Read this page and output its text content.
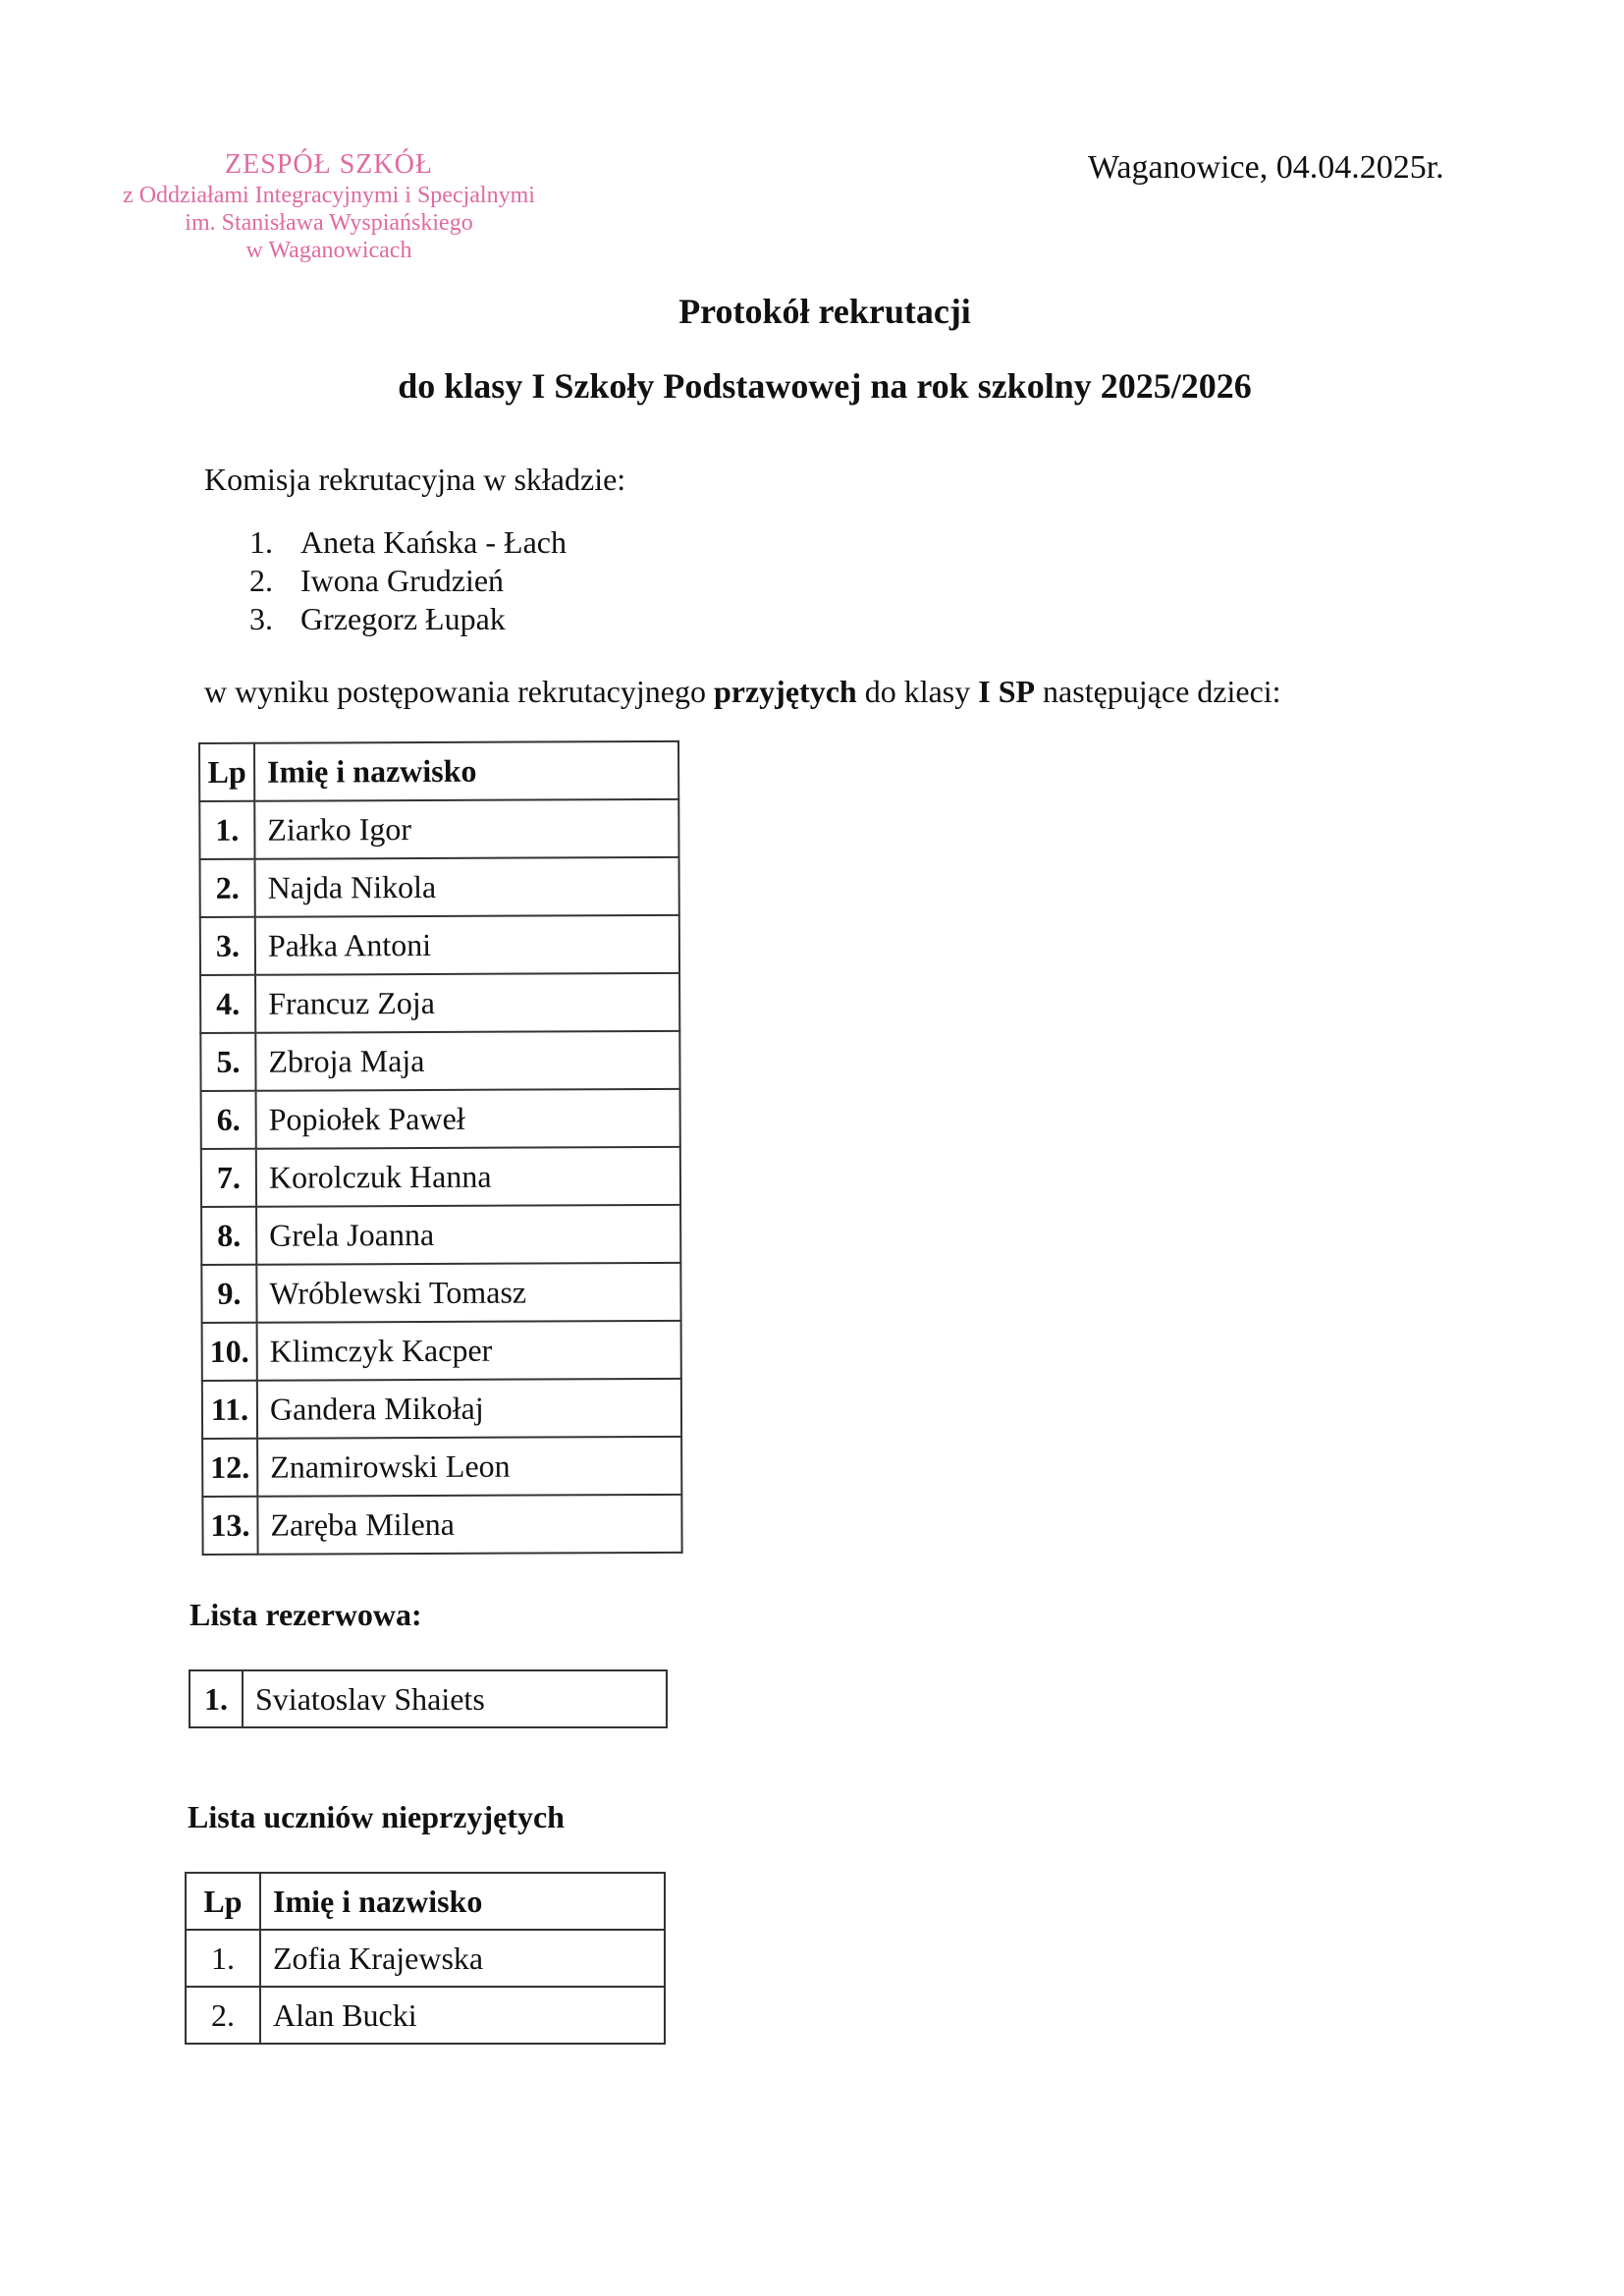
ZESPÓŁ SZKÓŁ
z Oddziałami Integracyjnymi i Specjalnymi
im. Stanisława Wyspiańskiego
w Waganowicach
Waganowice, 04.04.2025r.
Protokół rekrutacji
do klasy I Szkoły Podstawowej na rok szkolny 2025/2026
Komisja rekrutacyjna w składzie:
1. Aneta Kańska - Łach
2. Iwona Grudzień
3. Grzegorz Łupak
w wyniku postępowania rekrutacyjnego przyjętych do klasy I SP następujące dzieci:
Lp	Imię i nazwisko
1.	Ziarko Igor
2.	Najda Nikola
3.	Pałka Antoni
4.	Francuz Zoja
5.	Zbroja Maja
6.	Popiołek Paweł
7.	Korolczuk Hanna
8.	Grela Joanna
9.	Wróblewski Tomasz
10.	Klimczyk Kacper
11.	Gandera Mikołaj
12.	Znamirowski Leon
13.	Zaręba Milena
Lista rezerwowa:
1.	Sviatoslav Shaiets
Lista uczniów nieprzyjętych
Lp	Imię i nazwisko
1.	Zofia Krajewska
2.	Alan Bucki
